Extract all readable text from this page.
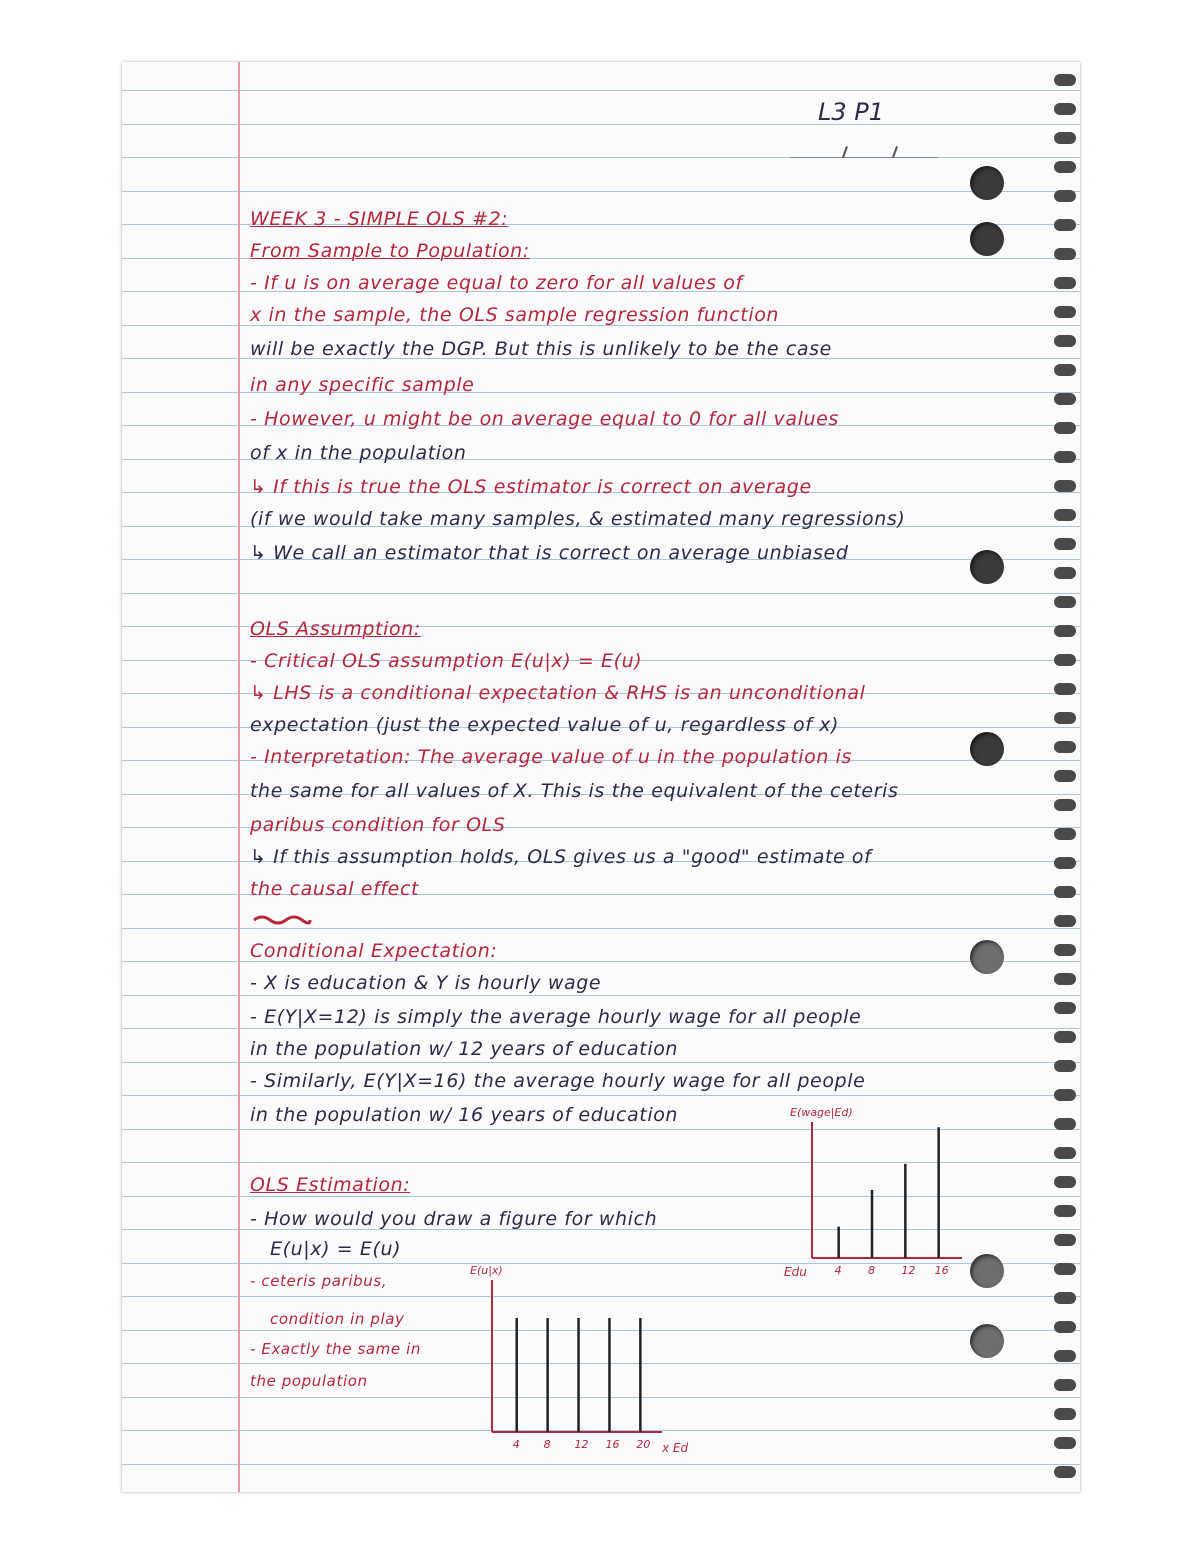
L3 P1
WEEK 3 - SIMPLE OLS #2:
From Sample to Population:
- If u is on average equal to zero for all values of
x in the sample, the OLS sample regression function
will be exactly the DGP. But this is unlikely to be the case
in any specific sample
- However, u might be on average equal to 0 for all values
of x in the population
↳ If this is true the OLS estimator is correct on average
(if we would take many samples, & estimated many regressions)
↳ We call an estimator that is correct on average unbiased
OLS Assumption:
- Critical OLS assumption E(u|x) = E(u)
↳ LHS is a conditional expectation & RHS is an unconditional
expectation (just the expected value of u, regardless of x)
- Interpretation: The average value of u in the population is
the same for all values of X. This is the equivalent of the ceteris
paribus condition for OLS
↳ If this assumption holds, OLS gives us a "good" estimate of
the causal effect
Conditional Expectation:
- X is education & Y is hourly wage
- E(Y|X=12) is simply the average hourly wage for all people
in the population w/ 12 years of education
- Similarly, E(Y|X=16) the average hourly wage for all people
in the population w/ 16 years of education
OLS Estimation:
- How would you draw a figure for which
E(u|x) = E(u)
- ceteris paribus,
condition in play
- Exactly the same in
the population
4 8 12 16
E(wage|Ed)
Edu
4 8 12 16 20
E(u|x)
x Ed
